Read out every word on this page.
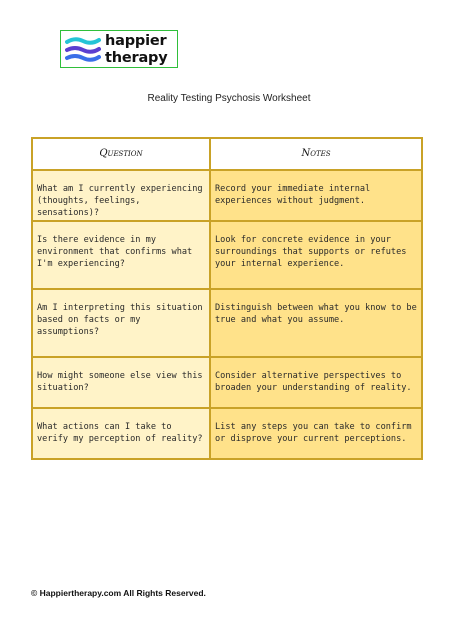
happier
therapy
Reality Testing Psychosis Worksheet
Question	Notes

What am I currently experiencing (thoughts, feelings, sensations)?	Record your immediate internal experiences without judgment.

Is there evidence in my environment that confirms what I'm experiencing?	Look for concrete evidence in your surroundings that supports or refutes your internal experience.

Am I interpreting this situation based on facts or my assumptions?	Distinguish between what you know to be true and what you assume.

How might someone else view this situation?	Consider alternative perspectives to broaden your understanding of reality.

What actions can I take to verify my perception of reality?	List any steps you can take to confirm or disprove your current perceptions.
© Happiertherapy.com All Rights Reserved.
